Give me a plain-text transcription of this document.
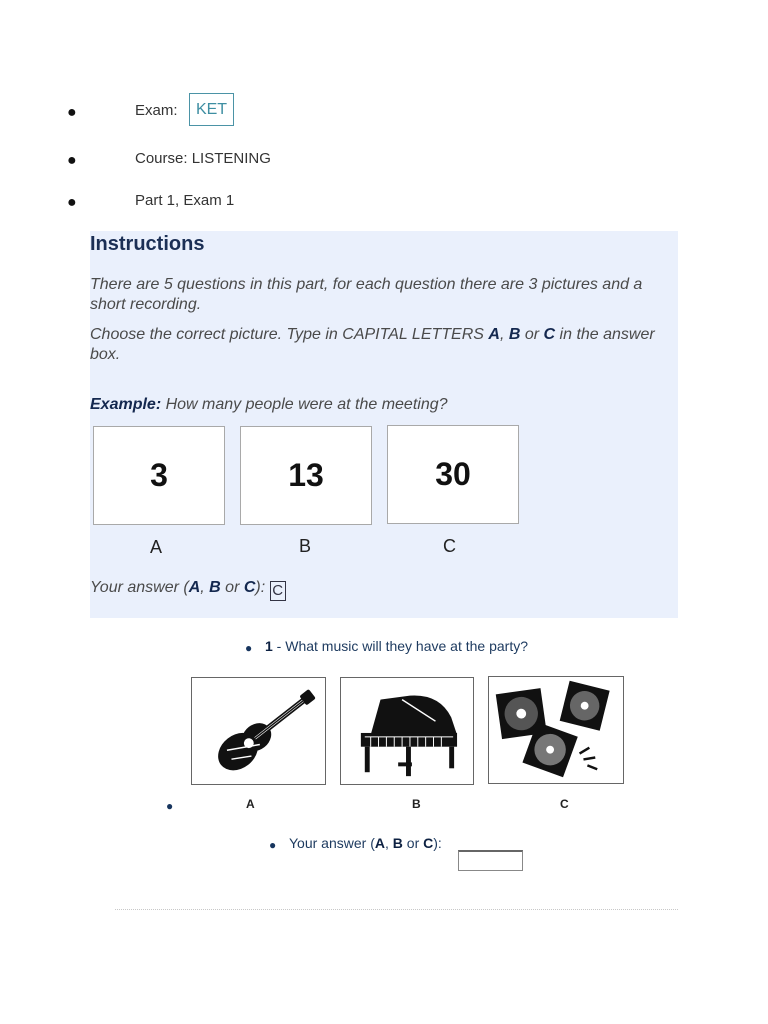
●	Exam:	KET
●	Course: LISTENING
●	Part 1, Exam 1
Instructions
There are 5 questions in this part, for each question there are 3 pictures and a short recording.
Choose the correct picture. Type in CAPITAL LETTERS A, B or C in the answer box.
Example: How many people were at the meeting?
3	13	30
A	B	C
Your answer (A, B or C): C
● 1 - What music will they have at the party?
●	A	B	C
● Your answer (A, B or C):
